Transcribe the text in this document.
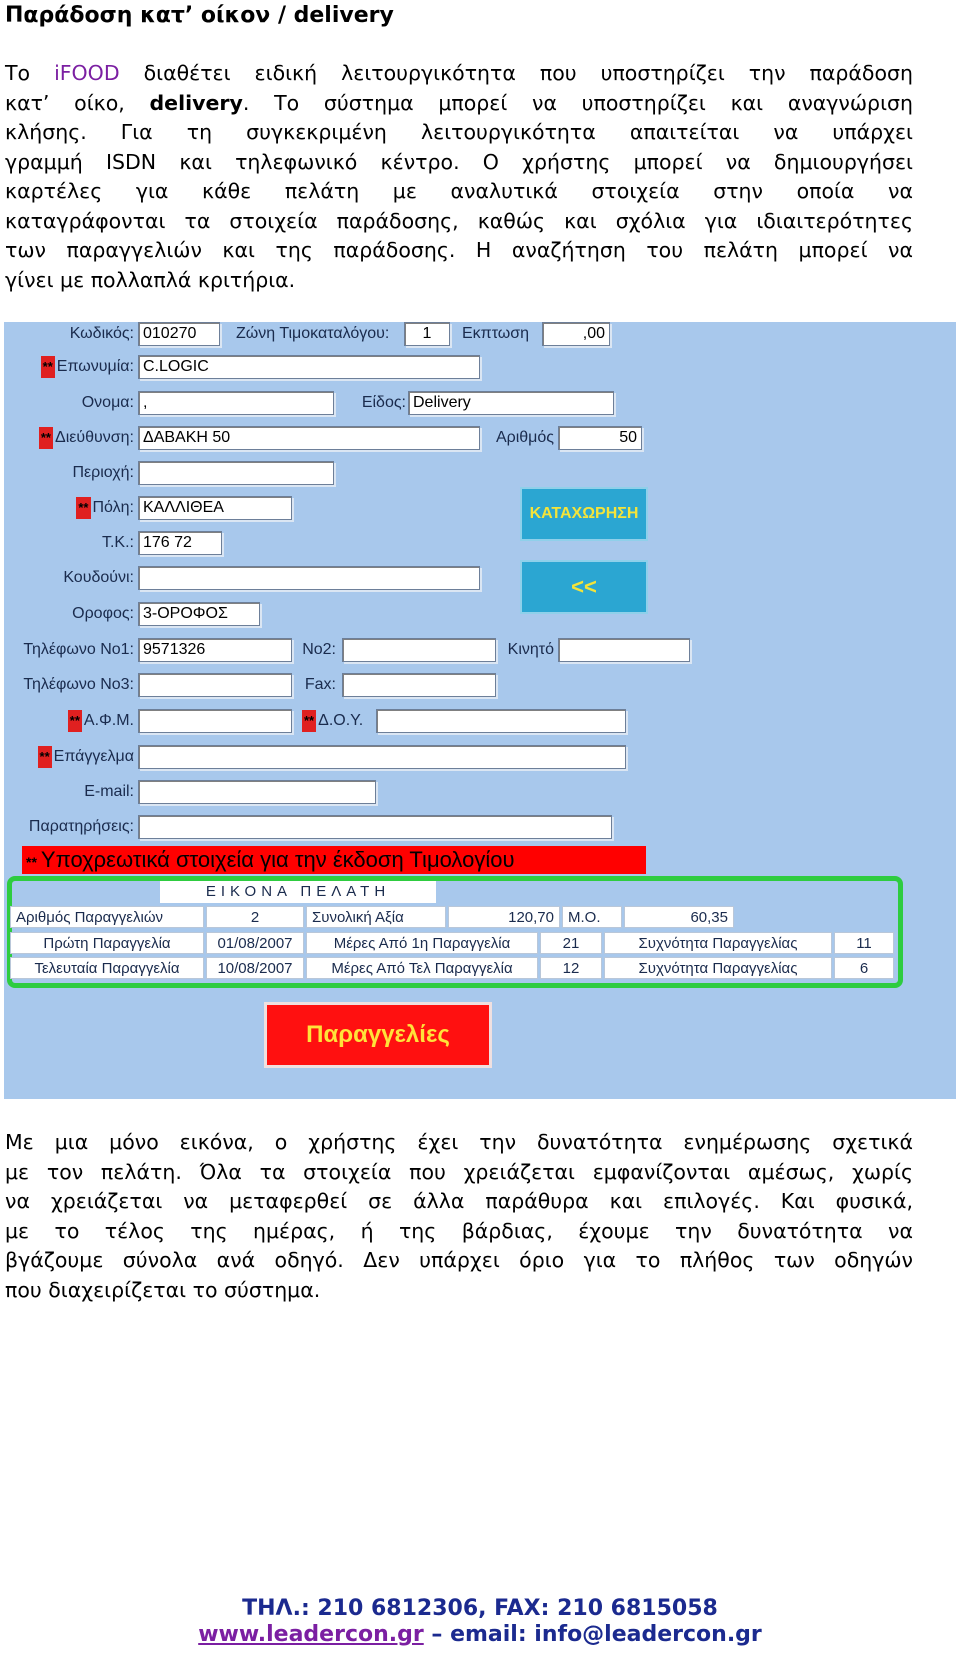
Παράδοση κατ’ οίκον / delivery
Το iFOOD διαθέτει ειδική λειτουργικότητα που υποστηρίζει την παράδοση
κατ’ οίκο, delivery. Το σύστημα μπορεί να υποστηρίζει και αναγνώριση
κλήσης. Για τη συγκεκριμένη λειτουργικότητα απαιτείται να υπάρχει
γραμμή ISDN και τηλεφωνικό κέντρο. Ο χρήστης μπορεί να δημιουργήσει
καρτέλες για κάθε πελάτη με αναλυτικά στοιχεία στην οποία να
καταγράφονται τα στοιχεία παράδοσης, καθώς και σχόλια για ιδιαιτερότητες
των παραγγελιών και της παράδοσης. Η αναζήτηση του πελάτη μπορεί να
γίνει με πολλαπλά κριτήρια.
Κωδικός: 010270	Ζώνη Τιμοκαταλόγου:	1	Εκπτωση	,00
** Επωνυμία: C.LOGIC
Ονομα: ,	Είδος: Delivery
** Διεύθυνση: ΔΑΒΑΚΗ 50	Αριθμός	50
Περιοχή:
** Πόλη: ΚΑΛΛΙΘΕΑ
Τ.Κ.: 176 72
Κουδούνι:
Οροφος: 3-ΟΡΟΦΟΣ
ΚΑΤΑΧΩΡΗΣΗ
<<
Τηλέφωνο Νο1: 9571326	Νο2:	Κινητό
Τηλέφωνο Νο3:	Fax:
** Α.Φ.Μ.	** Δ.Ο.Υ.
** Επάγγελμα
E-mail:
Παρατηρήσεις:
** Υποχρεωτικά στοιχεία για την έκδοση Τιμολογίου
ΕΙΚΟΝΑ ΠΕΛΑΤΗ
Αριθμός Παραγγελιών	2	Συνολική Αξία	120,70 Μ.Ο.	60,35
Πρώτη Παραγγελία	01/08/2007	Μέρες Από 1η Παραγγελία	21	Συχνότητα Παραγγελίας	11
Τελευταία Παραγγελία	10/08/2007	Μέρες Από Τελ Παραγγελία	12	Συχνότητα Παραγγελίας	6
Παραγγελίες
Με μια μόνο εικόνα, ο χρήστης έχει την δυνατότητα ενημέρωσης σχετικά
με τον πελάτη. Όλα τα στοιχεία που χρειάζεται εμφανίζονται αμέσως, χωρίς
να χρειάζεται να μεταφερθεί σε άλλα παράθυρα και επιλογές. Και φυσικά,
με το τέλος της ημέρας, ή της βάρδιας, έχουμε την δυνατότητα να
βγάζουμε σύνολα ανά οδηγό. Δεν υπάρχει όριο για το πλήθος των οδηγών
που διαχειρίζεται το σύστημα.
ΤΗΛ.: 210 6812306, FAX: 210 6815058
www.leadercon.gr – email: info@leadercon.gr
